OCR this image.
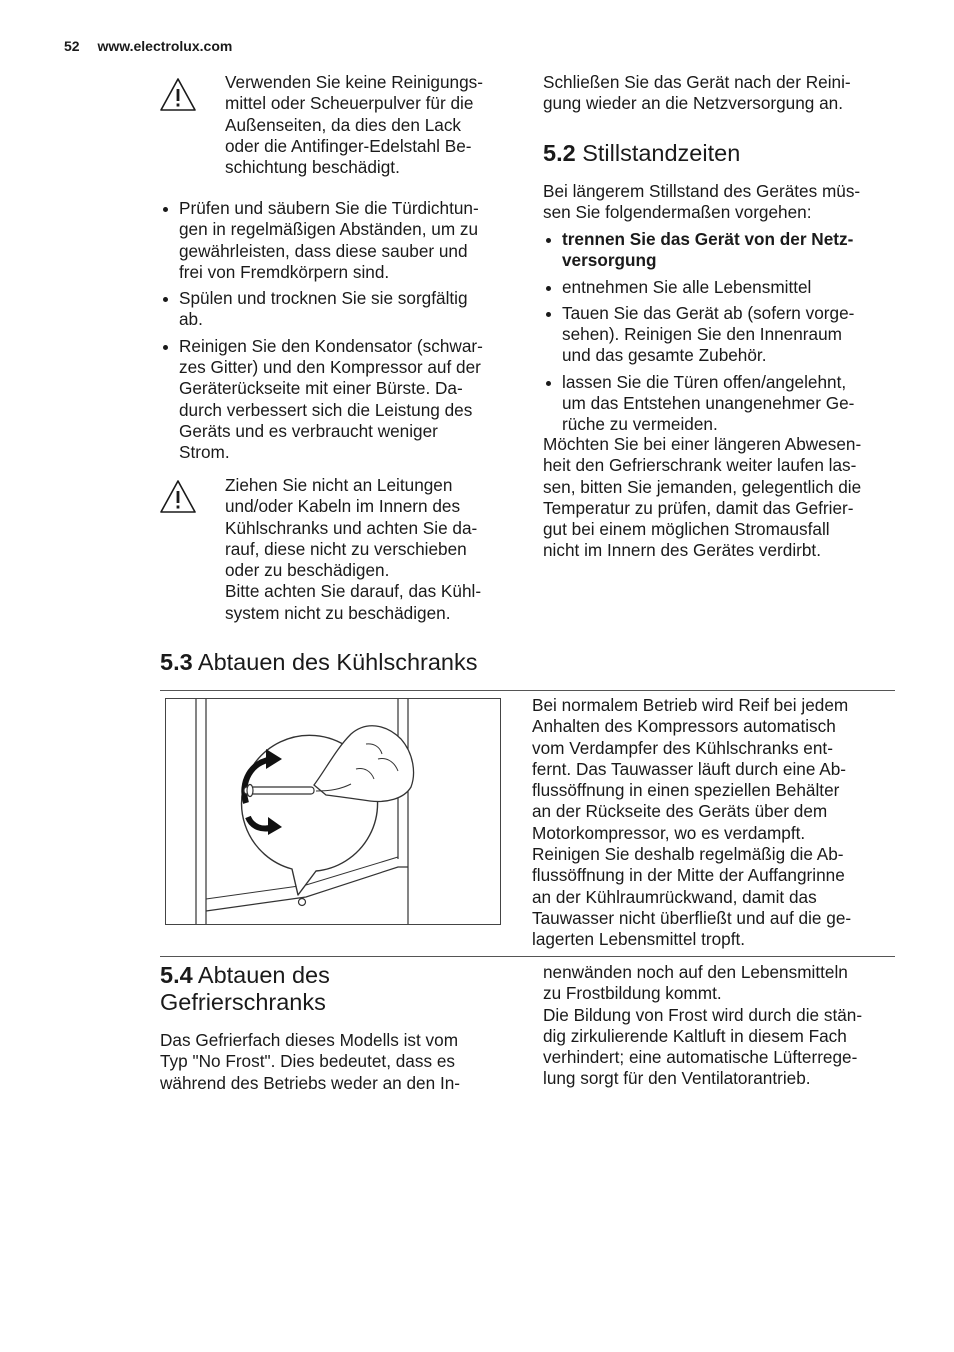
52 www.electrolux.com

Verwenden Sie keine Reinigungs-

mittel oder Scheuerpulver für die

Außenseiten, da dies den Lack

oder die Antifinger-Edelstahl Be-

schichtung beschädigt.

Prüfen und säubern Sie die Türdichtun-

gen in regelmäßigen Abständen, um zu

gewährleisten, dass diese sauber und

frei von Fremdkörpern sind.

Spülen und trocknen Sie sie sorgfältig

ab.

Reinigen Sie den Kondensator (schwar-

zes Gitter) und den Kompressor auf der

Geräterückseite mit einer Bürste. Da-

durch verbessert sich die Leistung des

Geräts und es verbraucht weniger

Strom.

Ziehen Sie nicht an Leitungen

und/oder Kabeln im Innern des

Kühlschranks und achten Sie da-

rauf, diese nicht zu verschieben

oder zu beschädigen.

Bitte achten Sie darauf, das Kühl-

system nicht zu beschädigen.

Schließen Sie das Gerät nach der Reini-

gung wieder an die Netzversorgung an.

5.2 Stillstandzeiten

Bei längerem Stillstand des Gerätes müs-

sen Sie folgendermaßen vorgehen:

trennen Sie das Gerät von der Netz-

versorgung

entnehmen Sie alle Lebensmittel

Tauen Sie das Gerät ab (sofern vorge-

sehen). Reinigen Sie den Innenraum

und das gesamte Zubehör.

lassen Sie die Türen offen/angelehnt,

um das Entstehen unangenehmer Ge-

rüche zu vermeiden.

Möchten Sie bei einer längeren Abwesen-

heit den Gefrierschrank weiter laufen las-

sen, bitten Sie jemanden, gelegentlich die

Temperatur zu prüfen, damit das Gefrier-

gut bei einem möglichen Stromausfall

nicht im Innern des Gerätes verdirbt.

5.3 Abtauen des Kühlschranks

Bei normalem Betrieb wird Reif bei jedem

Anhalten des Kompressors automatisch

vom Verdampfer des Kühlschranks ent-

fernt. Das Tauwasser läuft durch eine Ab-

flussöffnung in einen speziellen Behälter

an der Rückseite des Geräts über dem

Motorkompressor, wo es verdampft.

Reinigen Sie deshalb regelmäßig die Ab-

flussöffnung in der Mitte der Auffangrinne

an der Kühlraumrückwand, damit das

Tauwasser nicht überfließt und auf die ge-

lagerten Lebensmittel tropft.

5.4 Abtauen des
Gefrierschranks

Das Gefrierfach dieses Modells ist vom

Typ "No Frost". Dies bedeutet, dass es

während des Betriebs weder an den In-

nenwänden noch auf den Lebensmitteln

zu Frostbildung kommt.

Die Bildung von Frost wird durch die stän-

dig zirkulierende Kaltluft in diesem Fach

verhindert; eine automatische Lüfterrege-

lung sorgt für den Ventilatorantrieb.
